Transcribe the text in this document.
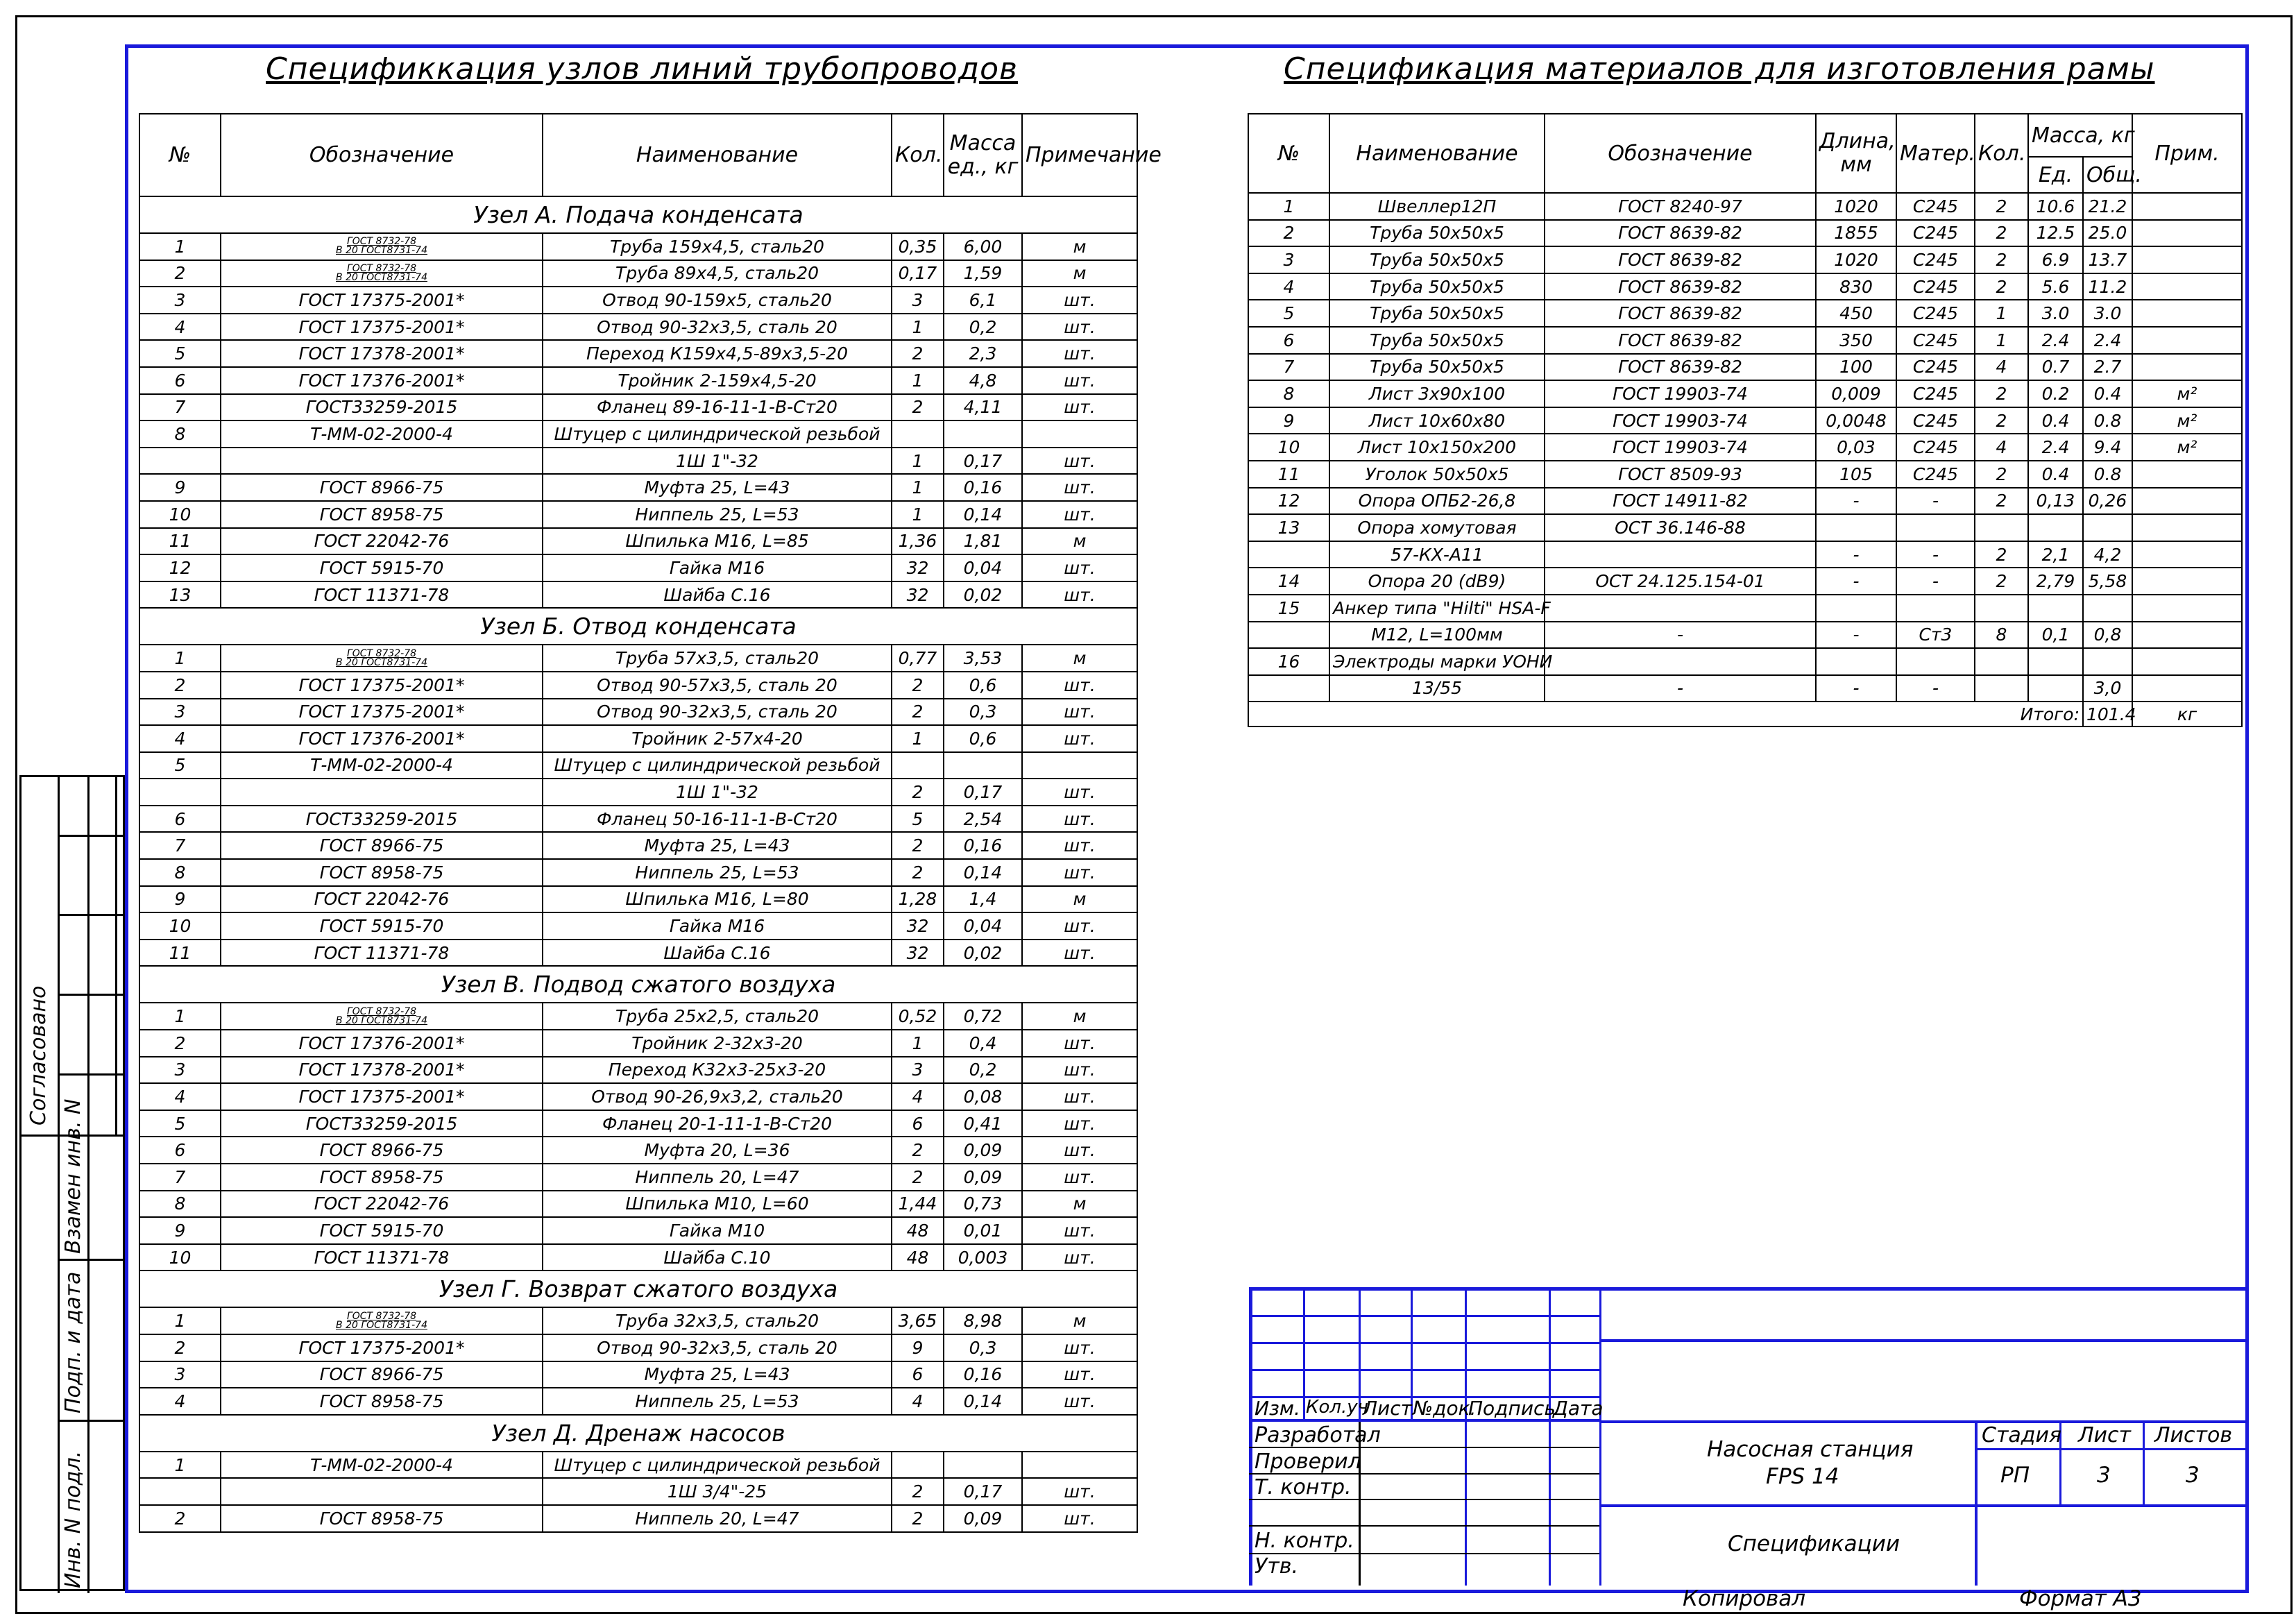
Спецификкация узлов линий трубопроводов	Спецификация материалов для изготовления рамы
№	Обозначение	Наименование	Кол.	Масса ед., кг	Примечание
Узел А. Подача конденсата					
1	ГОСТ 8732-78
В 20 ГОСТ8731-74	Труба 159х4,5, сталь20	0,35	6,00	м
2	ГОСТ 8732-78
В 20 ГОСТ8731-74	Труба 89х4,5, сталь20	0,17	1,59	м
3	ГОСТ 17375-2001*	Отвод 90-159х5, сталь20	3	6,1	шт.
4	ГОСТ 17375-2001*	Отвод 90-32х3,5, сталь 20	1	0,2	шт.
5	ГОСТ 17378-2001*	Переход К159х4,5-89х3,5-20	2	2,3	шт.
6	ГОСТ 17376-2001*	Тройник 2-159х4,5-20	1	4,8	шт.
7	ГОСТ33259-2015	Фланец 89-16-11-1-В-Ст20	2	4,11	шт.
8	Т-ММ-02-2000-4	Штуцер с цилиндрической резьбой			
		1Ш 1"-32	1	0,17	шт.
9	ГОСТ 8966-75	Муфта 25, L=43	1	0,16	шт.
10	ГОСТ 8958-75	Ниппель 25, L=53	1	0,14	шт.
11	ГОСТ 22042-76	Шпилька М16, L=85	1,36	1,81	м
12	ГОСТ 5915-70	Гайка М16	32	0,04	шт.
13	ГОСТ 11371-78	Шайба С.16	32	0,02	шт.
Узел Б. Отвод конденсата					
1	ГОСТ 8732-78
В 20 ГОСТ8731-74	Труба 57х3,5, сталь20	0,77	3,53	м
2	ГОСТ 17375-2001*	Отвод 90-57х3,5, сталь 20	2	0,6	шт.
3	ГОСТ 17375-2001*	Отвод 90-32х3,5, сталь 20	2	0,3	шт.
4	ГОСТ 17376-2001*	Тройник 2-57х4-20	1	0,6	шт.
5	Т-ММ-02-2000-4	Штуцер с цилиндрической резьбой			
		1Ш 1"-32	2	0,17	шт.
6	ГОСТ33259-2015	Фланец 50-16-11-1-В-Ст20	5	2,54	шт.
7	ГОСТ 8966-75	Муфта 25, L=43	2	0,16	шт.
8	ГОСТ 8958-75	Ниппель 25, L=53	2	0,14	шт.
9	ГОСТ 22042-76	Шпилька М16, L=80	1,28	1,4	м
10	ГОСТ 5915-70	Гайка М16	32	0,04	шт.
11	ГОСТ 11371-78	Шайба С.16	32	0,02	шт.
Узел В. Подвод сжатого воздуха					
1	ГОСТ 8732-78
В 20 ГОСТ8731-74	Труба 25х2,5, сталь20	0,52	0,72	м
2	ГОСТ 17376-2001*	Тройник 2-32х3-20	1	0,4	шт.
3	ГОСТ 17378-2001*	Переход К32х3-25х3-20	3	0,2	шт.
4	ГОСТ 17375-2001*	Отвод 90-26,9х3,2, сталь20	4	0,08	шт.
5	ГОСТ33259-2015	Фланец 20-1-11-1-В-Ст20	6	0,41	шт.
6	ГОСТ 8966-75	Муфта 20, L=36	2	0,09	шт.
7	ГОСТ 8958-75	Ниппель 20, L=47	2	0,09	шт.
8	ГОСТ 22042-76	Шпилька М10, L=60	1,44	0,73	м
9	ГОСТ 5915-70	Гайка М10	48	0,01	шт.
10	ГОСТ 11371-78	Шайба С.10	48	0,003	шт.
Узел Г. Возврат сжатого воздуха					
1	ГОСТ 8732-78
В 20 ГОСТ8731-74	Труба 32х3,5, сталь20	3,65	8,98	м
2	ГОСТ 17375-2001*	Отвод 90-32х3,5, сталь 20	9	0,3	шт.
3	ГОСТ 8966-75	Муфта 25, L=43	6	0,16	шт.
4	ГОСТ 8958-75	Ниппель 25, L=53	4	0,14	шт.
Узел Д. Дренаж насосов					
1	Т-ММ-02-2000-4	Штуцер с цилиндрической резьбой			
		1Ш 3/4"-25	2	0,17	шт.
2	ГОСТ 8958-75	Ниппель 20, L=47	2	0,09	шт.
№	Наименование	Обозначение	Длина, мм	Матер.	Кол.	Масса, кг		Прим.
						Ед.	Общ.	
1	Швеллер12П	ГОСТ 8240-97	1020	С245	2	10.6	21.2	
2	Труба 50х50х5	ГОСТ 8639-82	1855	С245	2	12.5	25.0	
3	Труба 50х50х5	ГОСТ 8639-82	1020	С245	2	6.9	13.7	
4	Труба 50х50х5	ГОСТ 8639-82	830	С245	2	5.6	11.2	
5	Труба 50х50х5	ГОСТ 8639-82	450	С245	1	3.0	3.0	
6	Труба 50х50х5	ГОСТ 8639-82	350	С245	1	2.4	2.4	
7	Труба 50х50х5	ГОСТ 8639-82	100	С245	4	0.7	2.7	
8	Лист 3х90х100	ГОСТ 19903-74	0,009	С245	2	0.2	0.4	м²
9	Лист 10х60х80	ГОСТ 19903-74	0,0048	С245	2	0.4	0.8	м²
10	Лист 10х150х200	ГОСТ 19903-74	0,03	С245	4	2.4	9.4	м²
11	Уголок 50х50х5	ГОСТ 8509-93	105	С245	2	0.4	0.8	
12	Опора ОПБ2-26,8	ГОСТ 14911-82	-	-	2	0,13	0,26	
13	Опора хомутовая	ОСТ 36.146-88						
	57-КХ-А11		-	-	2	2,1	4,2	
14	Опора 20 (dВ9)	ОСТ 24.125.154-01	-	-	2	2,79	5,58	
15	Анкер типа "Hilti" HSA-F							
	М12, L=100мм	-	-	Ст3	8	0,1	0,8	
16	Электроды марки УОНИ							
	13/55	-	-	-			3,0	
Итого:							101.4	кг
Согласовано
Взамен инв. N
Подп. и дата
Инв. N подл.
Изм. Кол.уч
Лист №док.
Подпись
Дата
Разработал
Проверил
Т. контр.
Н. контр.
Утв.
Насосная станция
FPS 14
Спецификации
Стадия Лист Листов
РП	3	3
Копировал	Формат А3
